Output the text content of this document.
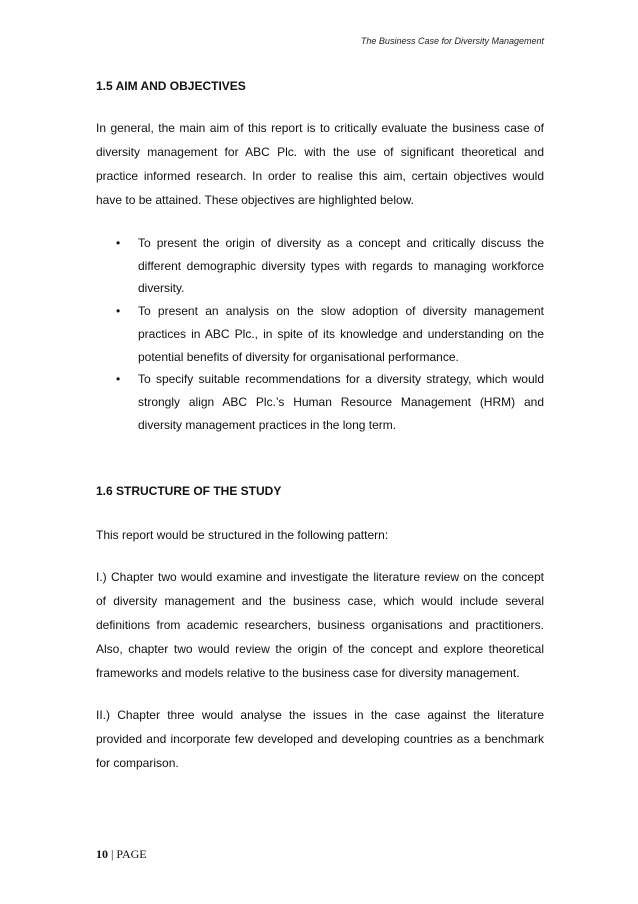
The Business Case for Diversity Management
1.5 AIM AND OBJECTIVES

In general, the main aim of this report is to critically evaluate the business case of diversity management for ABC Plc. with the use of significant theoretical and practice informed research. In order to realise this aim, certain objectives would have to be attained. These objectives are highlighted below.

• To present the origin of diversity as a concept and critically discuss the different demographic diversity types with regards to managing workforce diversity.
• To present an analysis on the slow adoption of diversity management practices in ABC Plc., in spite of its knowledge and understanding on the potential benefits of diversity for organisational performance.
• To specify suitable recommendations for a diversity strategy, which would strongly align ABC Plc.’s Human Resource Management (HRM) and diversity management practices in the long term.
1.6 STRUCTURE OF THE STUDY

This report would be structured in the following pattern:

I.) Chapter two would examine and investigate the literature review on the concept of diversity management and the business case, which would include several definitions from academic researchers, business organisations and practitioners. Also, chapter two would review the origin of the concept and explore theoretical frameworks and models relative to the business case for diversity management.

II.) Chapter three would analyse the issues in the case against the literature provided and incorporate few developed and developing countries as a benchmark for comparison.

10 | PAGE
